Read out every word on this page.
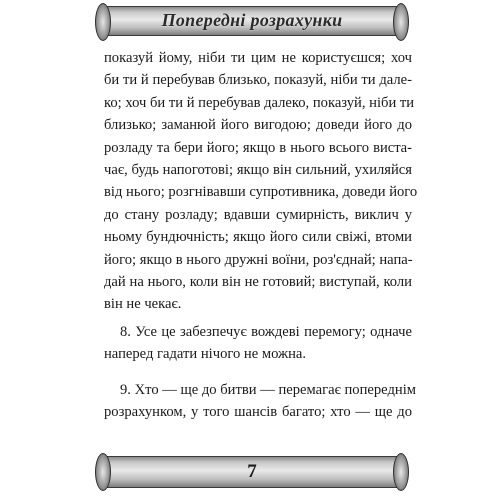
Попередні розрахунки
показуй йому, ніби ти цим не користуєшся; хоч
би ти й перебував близько, показуй, ніби ти дале-
ко; хоч би ти й перебував далеко, показуй, ніби ти
близько; заманюй його вигодою; доведи його до
розладу та бери його; якщо в нього всього вистa-
чає, будь напоготові; якщо він сильний, ухиляйся
від нього; розгнівавши супротивника, доведи його
до стану розладу; вдавши сумирність, виклич у
ньому бундючність; якщо його сили свіжі, втоми
його; якщо в нього дружні воїни, роз'єднай; напа-
дай на нього, коли він не готовий; виступай, коли
він не чекає.
8. Усе це забезпечує вождеві перемогу; одначе
наперед гадати нічого не можна.
9. Хто — ще до битви — перемагає попереднім
розрахунком, у того шансів багато; хто — ще до
7
